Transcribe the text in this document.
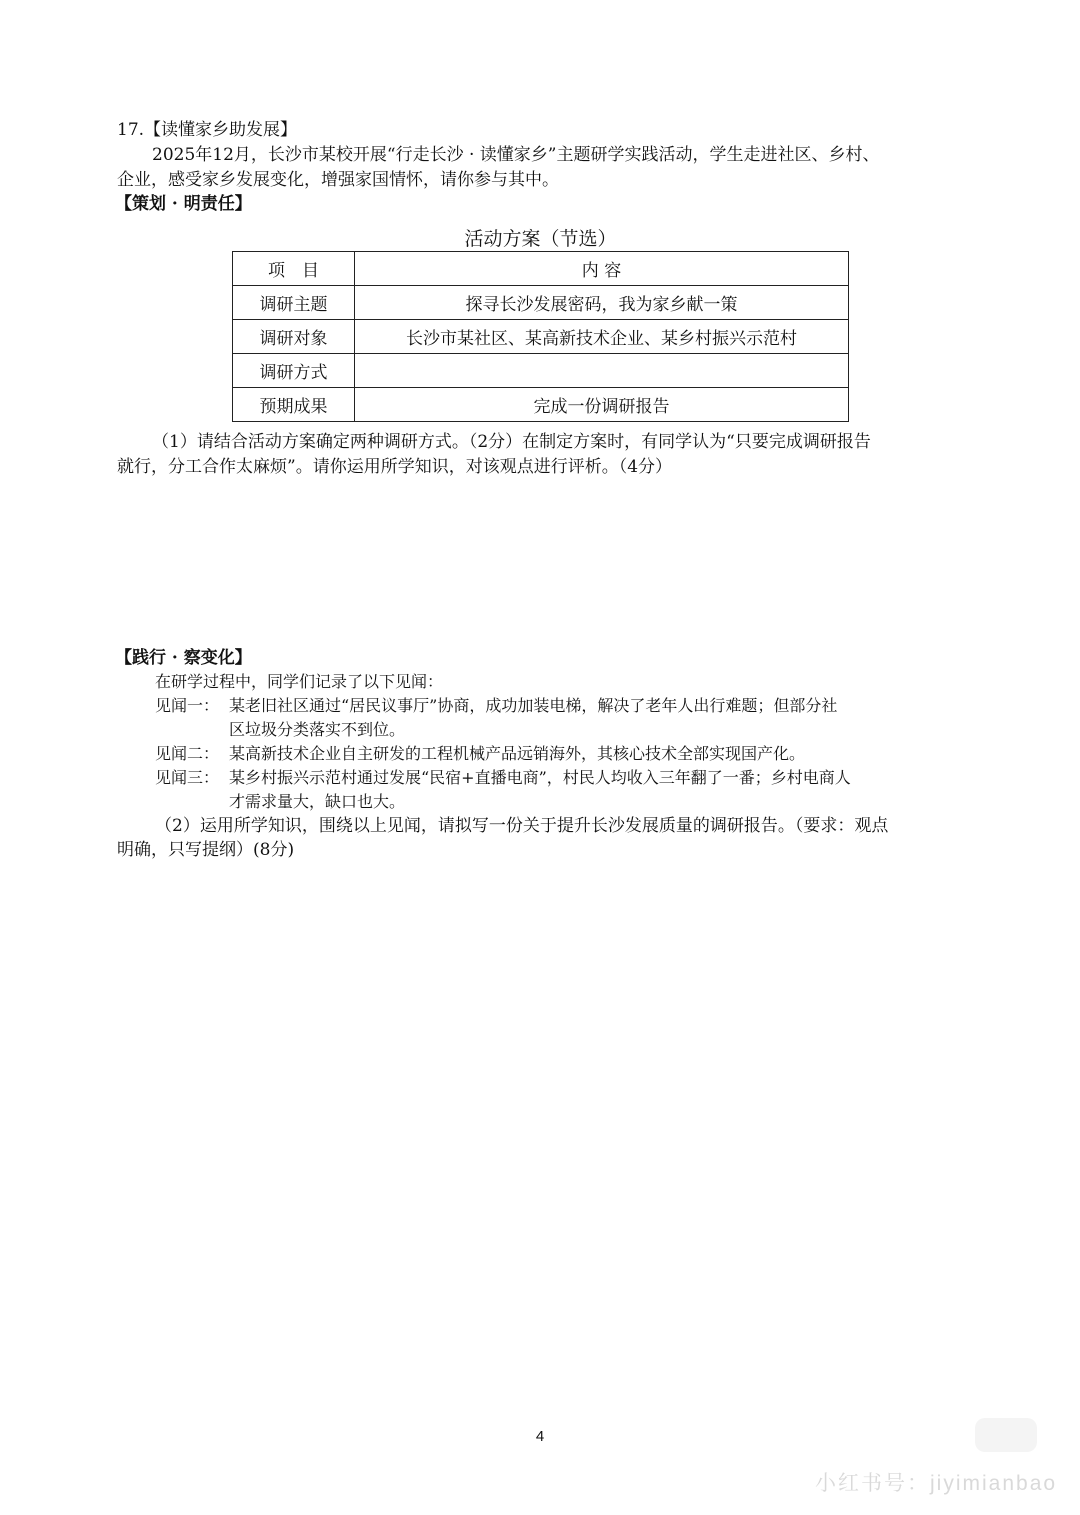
17.【读懂家乡助发展】
2025年12月，长沙市某校开展“行走长沙 · 读懂家乡”主题研学实践活动，学生走进社区、乡村、
企业，感受家乡发展变化，增强家国情怀，请你参与其中。
【策划 · 明责任】
活动方案（节选）
项　目	内 容
调研主题	探寻长沙发展密码，我为家乡献一策
调研对象	长沙市某社区、某高新技术企业、某乡村振兴示范村
调研方式	
预期成果	完成一份调研报告
（1）请结合活动方案确定两种调研方式。（2分）在制定方案时，有同学认为“只要完成调研报告
就行，分工合作太麻烦”。请你运用所学知识，对该观点进行评析。（4分）
【践行 · 察变化】
在研学过程中，同学们记录了以下见闻：
见闻一： 某老旧社区通过“居民议事厅”协商，成功加装电梯，解决了老年人出行难题；但部分社
区垃圾分类落实不到位。
见闻二： 某高新技术企业自主研发的工程机械产品远销海外，其核心技术全部实现国产化。
见闻三： 某乡村振兴示范村通过发展“民宿+直播电商”，村民人均收入三年翻了一番；乡村电商人
才需求量大，缺口也大。
（2）运用所学知识，围绕以上见闻，请拟写一份关于提升长沙发展质量的调研报告。（要求：观点
明确，只写提纲）(8分)
4
小红书号：jiyimianbao
